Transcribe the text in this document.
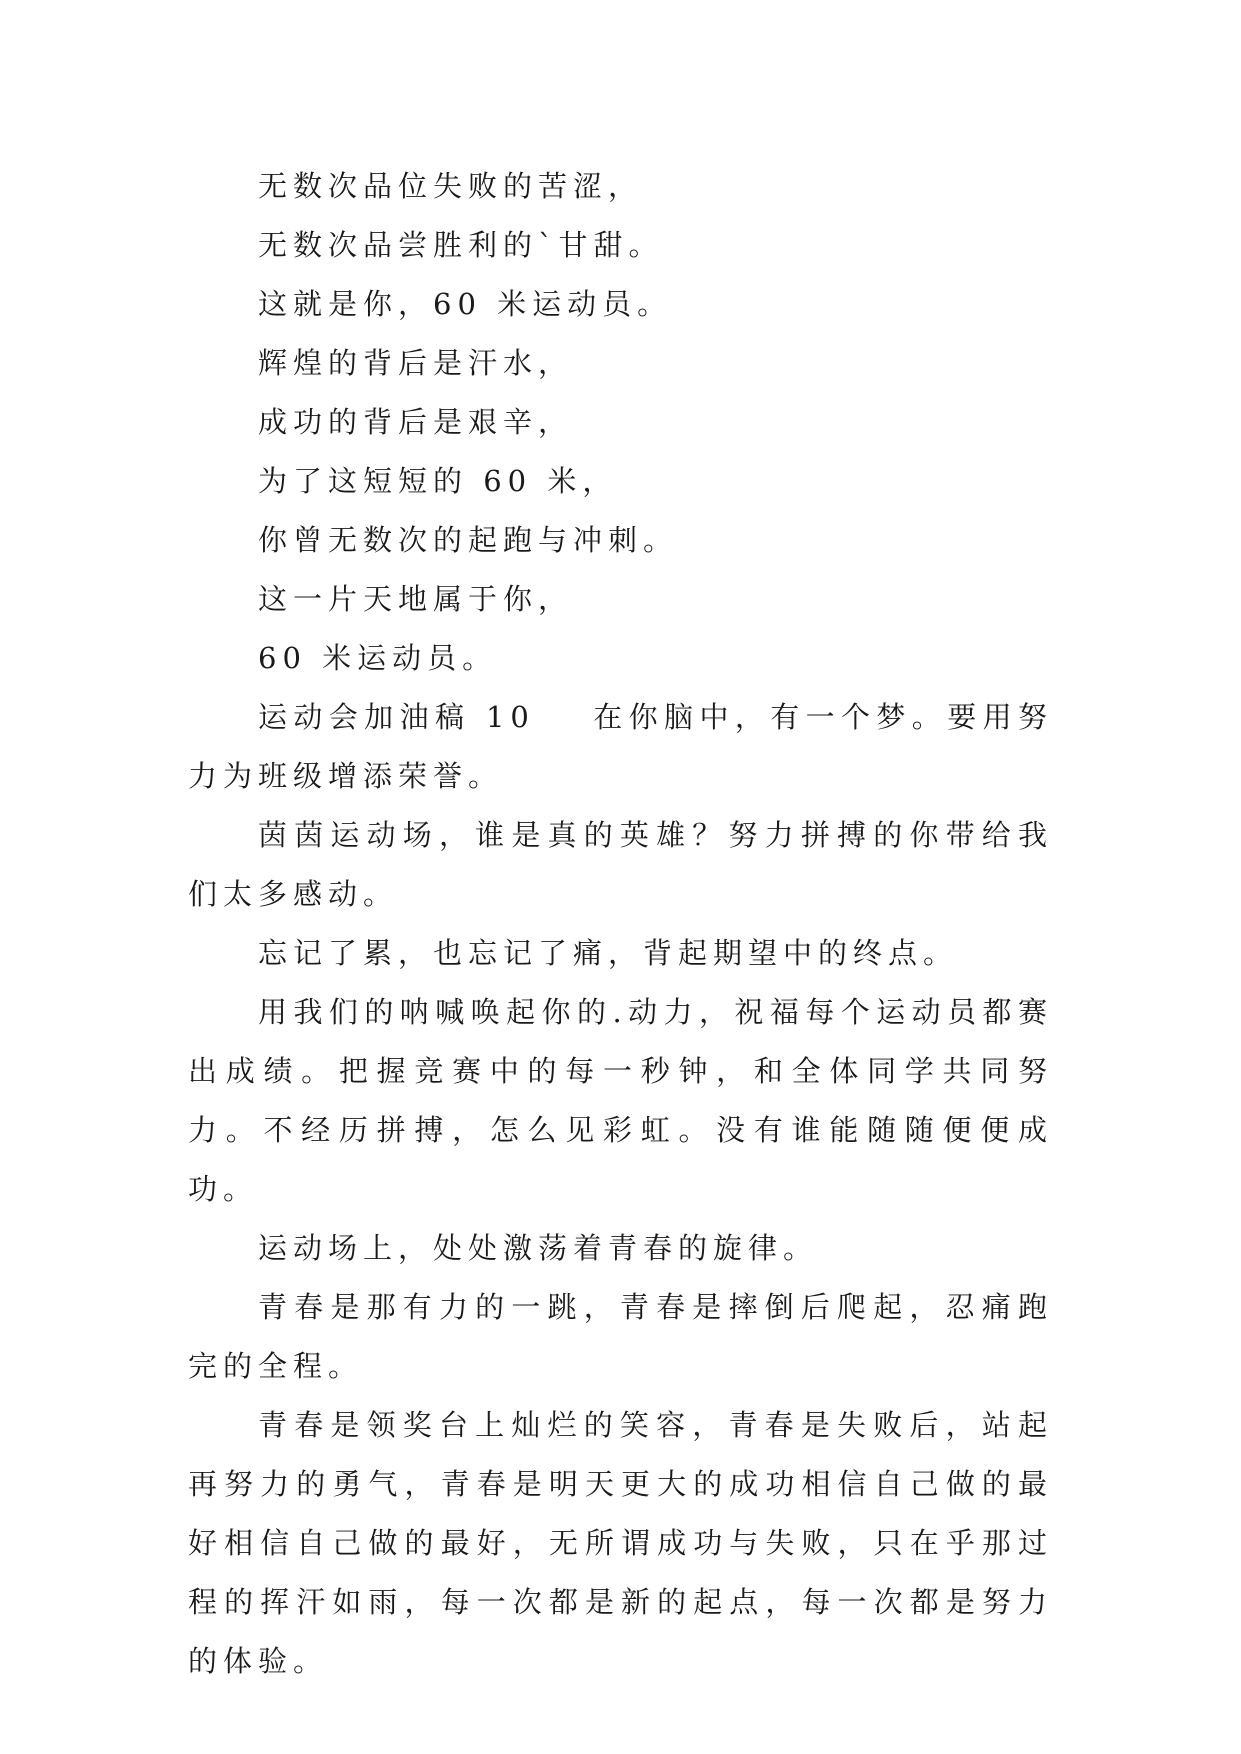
无数次品位失败的苦涩，

无数次品尝胜利的`甘甜。

这就是你，60 米运动员。

辉煌的背后是汗水，

成功的背后是艰辛，

为了这短短的 60 米，

你曾无数次的起跑与冲刺。

这一片天地属于你，

60 米运动员。

运动会加油稿 10 在你脑中，有一个梦。要用努力为班级增添荣誉。

茵茵运动场，谁是真的英雄？努力拼搏的你带给我们太多感动。

忘记了累，也忘记了痛，背起期望中的终点。

用我们的呐喊唤起你的.动力，祝福每个运动员都赛出成绩。把握竞赛中的每一秒钟，和全体同学共同努力。不经历拼搏，怎么见彩虹。没有谁能随随便便成功。

运动场上，处处激荡着青春的旋律。

青春是那有力的一跳，青春是摔倒后爬起，忍痛跑完的全程。

青春是领奖台上灿烂的笑容，青春是失败后，站起再努力的勇气，青春是明天更大的成功相信自己做的最好相信自己做的最好，无所谓成功与失败，只在乎那过程的挥汗如雨，每一次都是新的起点，每一次都是努力的体验。
